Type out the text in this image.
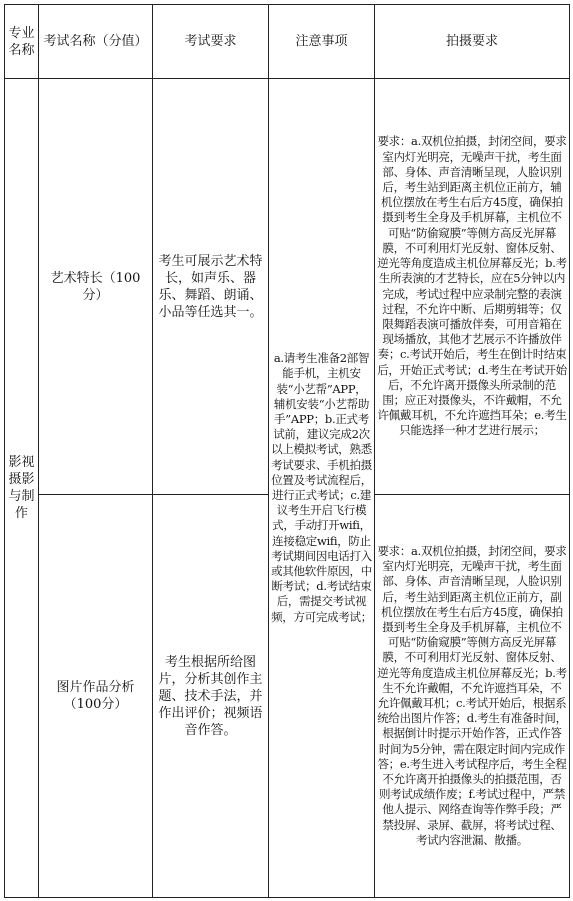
专业名称	考试名称（分值）	考试要求	注意事项	拍摄要求
影视摄影与制作	艺术特长（100分）	考生可展示艺术特长，如声乐、器乐、舞蹈、朗诵、小品等任选其一。	a.请考生准备2部智能手机，主机安装“小艺帮”APP，辅机安装“小艺帮助手”APP；b.正式考试前，建议完成2次以上模拟考试，熟悉考试要求、手机拍摄位置及考试流程后，进行正式考试；c.建议考生开启飞行模式，手动打开wifi，连接稳定wifi，防止考试期间因电话打入或其他软件原因，中断考试；d.考试结束后，需提交考试视频，方可完成考试；	要求：a.双机位拍摄，封闭空间，要求室内灯光明亮，无噪声干扰，考生面部、身体、声音清晰呈现，人脸识别后，考生站到距离主机位正前方，辅机位摆放在考生右后方45度，确保拍摄到考生全身及手机屏幕，主机位不可贴“防偷窥膜”等侧方高反光屏幕膜，不可利用灯光反射、窗体反射、逆光等角度造成主机位屏幕反光；b.考生所表演的才艺特长，应在5分钟以内完成，考试过程中应录制完整的表演过程，不允许中断、后期剪辑等；仅限舞蹈表演可播放伴奏，可用音箱在现场播放，其他才艺展示不许播放伴奏；c.考试开始后，考生在倒计时结束后，开始正式考试；d.考生在考试开始后，不允许离开摄像头所录制的范围；应正对摄像头，不许戴帽，不允许佩戴耳机，不允许遮挡耳朵；e.考生只能选择一种才艺进行展示；
	图片作品分析（100分）	考生根据所给图片，分析其创作主题、技术手法，并作出评价；视频语音作答。		要求：a.双机位拍摄，封闭空间，要求室内灯光明亮，无噪声干扰，考生面部、身体、声音清晰呈现，人脸识别后，考生站到距离主机位正前方，副机位摆放在考生右后方45度，确保拍摄到考生全身及手机屏幕，主机位不可贴“防偷窥膜”等侧方高反光屏幕膜，不可利用灯光反射、窗体反射、逆光等角度造成主机位屏幕反光；b.考生不允许戴帽，不允许遮挡耳朵，不允许佩戴耳机；c.考试开始后，根据系统给出图片作答；d.考生有准备时间，根据倒计时提示开始作答，正式作答时间为5分钟，需在限定时间内完成作答；e.考生进入考试程序后，考生全程不允许离开拍摄像头的拍摄范围，否则考试成绩作废；f.考试过程中，严禁他人提示、网络查询等作弊手段；严禁投屏、录屏、截屏，将考试过程、考试内容泄漏、散播。
